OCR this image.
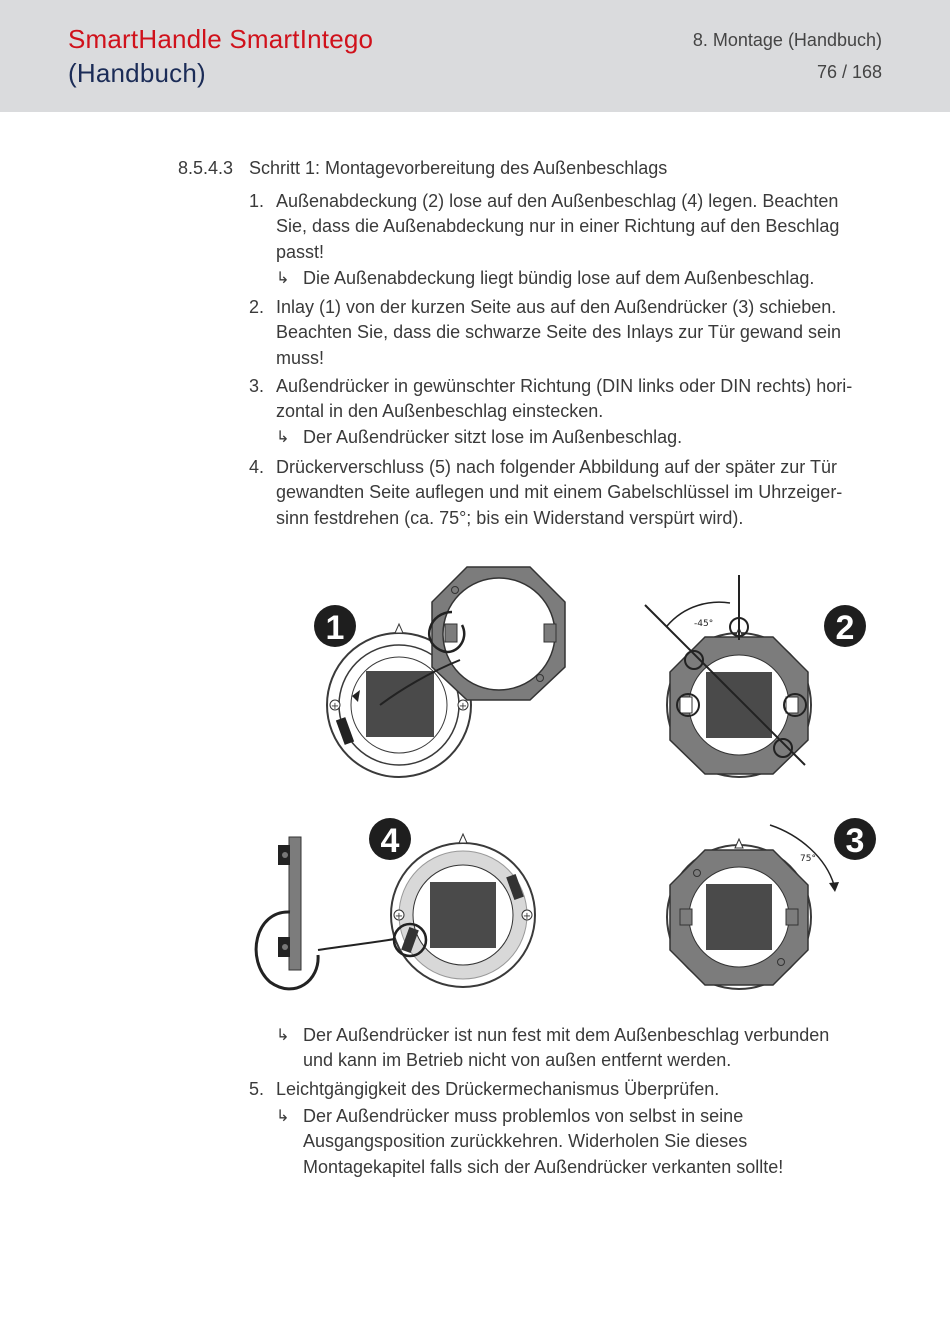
SmartHandle SmartIntego
(Handbuch)
8. Montage (Handbuch)
76 / 168
8.5.4.3 Schritt 1: Montagevorbereitung des Außenbeschlags
1. Außenabdeckung (2) lose auf den Außenbeschlag (4) legen. Beachten
Sie, dass die Außenabdeckung nur in einer Richtung auf den Beschlag
passt!
↳ Die Außenabdeckung liegt bündig lose auf dem Außenbeschlag.
2. Inlay (1) von der kurzen Seite aus auf den Außendrücker (3) schieben.
Beachten Sie, dass die schwarze Seite des Inlays zur Tür gewand sein
muss!
3. Außendrücker in gewünschter Richtung (DIN links oder DIN rechts) hori-
zontal in den Außenbeschlag einstecken.
↳ Der Außendrücker sitzt lose im Außenbeschlag.
4. Drückerverschluss (5) nach folgender Abbildung auf der später zur Tür
gewandten Seite auflegen und mit einem Gabelschlüssel im Uhrzeiger-
sinn festdrehen (ca. 75°; bis ein Widerstand verspürt wird).
+	+
-45°
+	+
75°
1	2
3
4
↳ Der Außendrücker ist nun fest mit dem Außenbeschlag verbunden
und kann im Betrieb nicht von außen entfernt werden.
5. Leichtgängigkeit des Drückermechanismus Überprüfen.
↳ Der Außendrücker muss problemlos von selbst in seine
Ausgangsposition zurückkehren. Widerholen Sie dieses
Montagekapitel falls sich der Außendrücker verkanten sollte!
